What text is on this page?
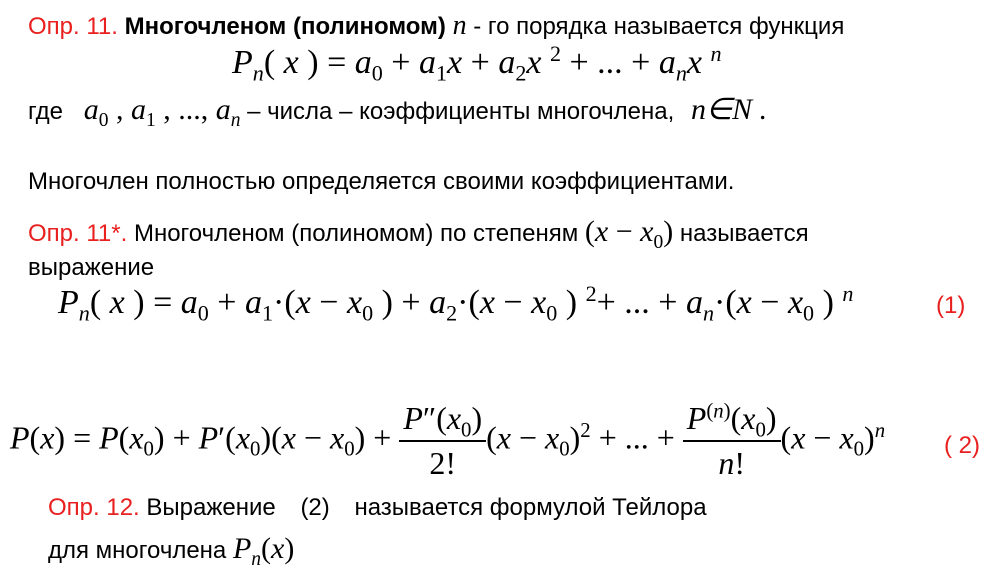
Опр. 11. Многочленом (полиномом) n - го порядка называется функция
$P_n$( x ) = $a_0 + a_1x + a_2x$ $^2$ + ... + $a_nx$ $^n$
где $a_0$ , $a_1$ , ..., $a_n$ – числа – коэффициенты многочлена, n∈N .
Многочлен полностью определяется своими коэффициентами.
Опр. 11*. Многочленом (полиномом) по степеням $(x - x_0)$ называется
выражение
$P_n$( x ) = $a_0 + a_1\cdot(x - x_0$ ) + $a_2\cdot(x - x_0$ ) $^2$+ ... + $a_n\cdot(x - x_0$ ) $^n$	(1)
$P(x) = P(x_0) + P'(x_0)(x - x_0) + \frac{P''(x_0)}{2!} (x - x_0)^2$ + ... + $\frac{P^{(n)}(x_0)}{n!} (x - x_0)^n$
( 2)
Опр. 12. Выражение (2) называется формулой Тейлора
для многочлена $P_n(x)$
